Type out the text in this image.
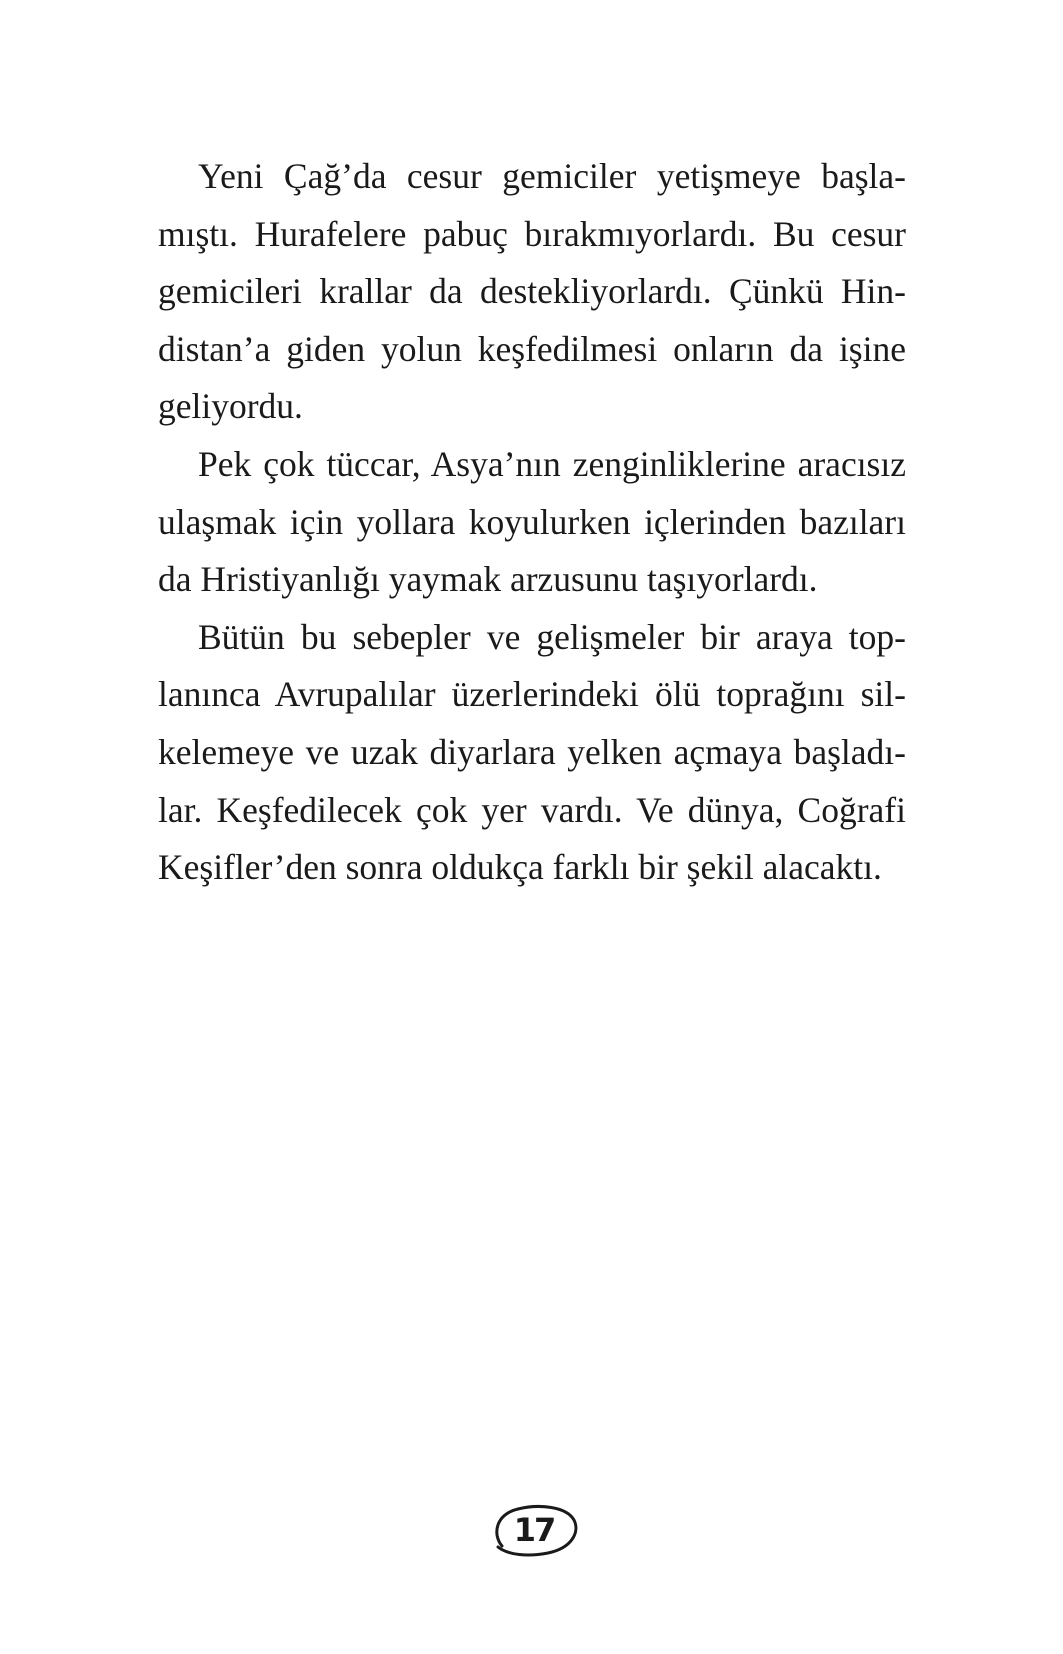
Yeni Çağ’da cesur gemiciler yetişmeye başla-
mıştı. Hurafelere pabuç bırakmıyorlardı. Bu cesur
gemicileri krallar da destekliyorlardı. Çünkü Hin-
distan’a giden yolun keşfedilmesi onların da işine
geliyordu.
Pek çok tüccar, Asya’nın zenginliklerine aracısız
ulaşmak için yollara koyulurken içlerinden bazıları
da Hristiyanlığı yaymak arzusunu taşıyorlardı.
Bütün bu sebepler ve gelişmeler bir araya top-
lanınca Avrupalılar üzerlerindeki ölü toprağını sil-
kelemeye ve uzak diyarlara yelken açmaya başladı-
lar. Keşfedilecek çok yer vardı. Ve dünya, Coğrafi
Keşifler’den sonra oldukça farklı bir şekil alacaktı.
17
